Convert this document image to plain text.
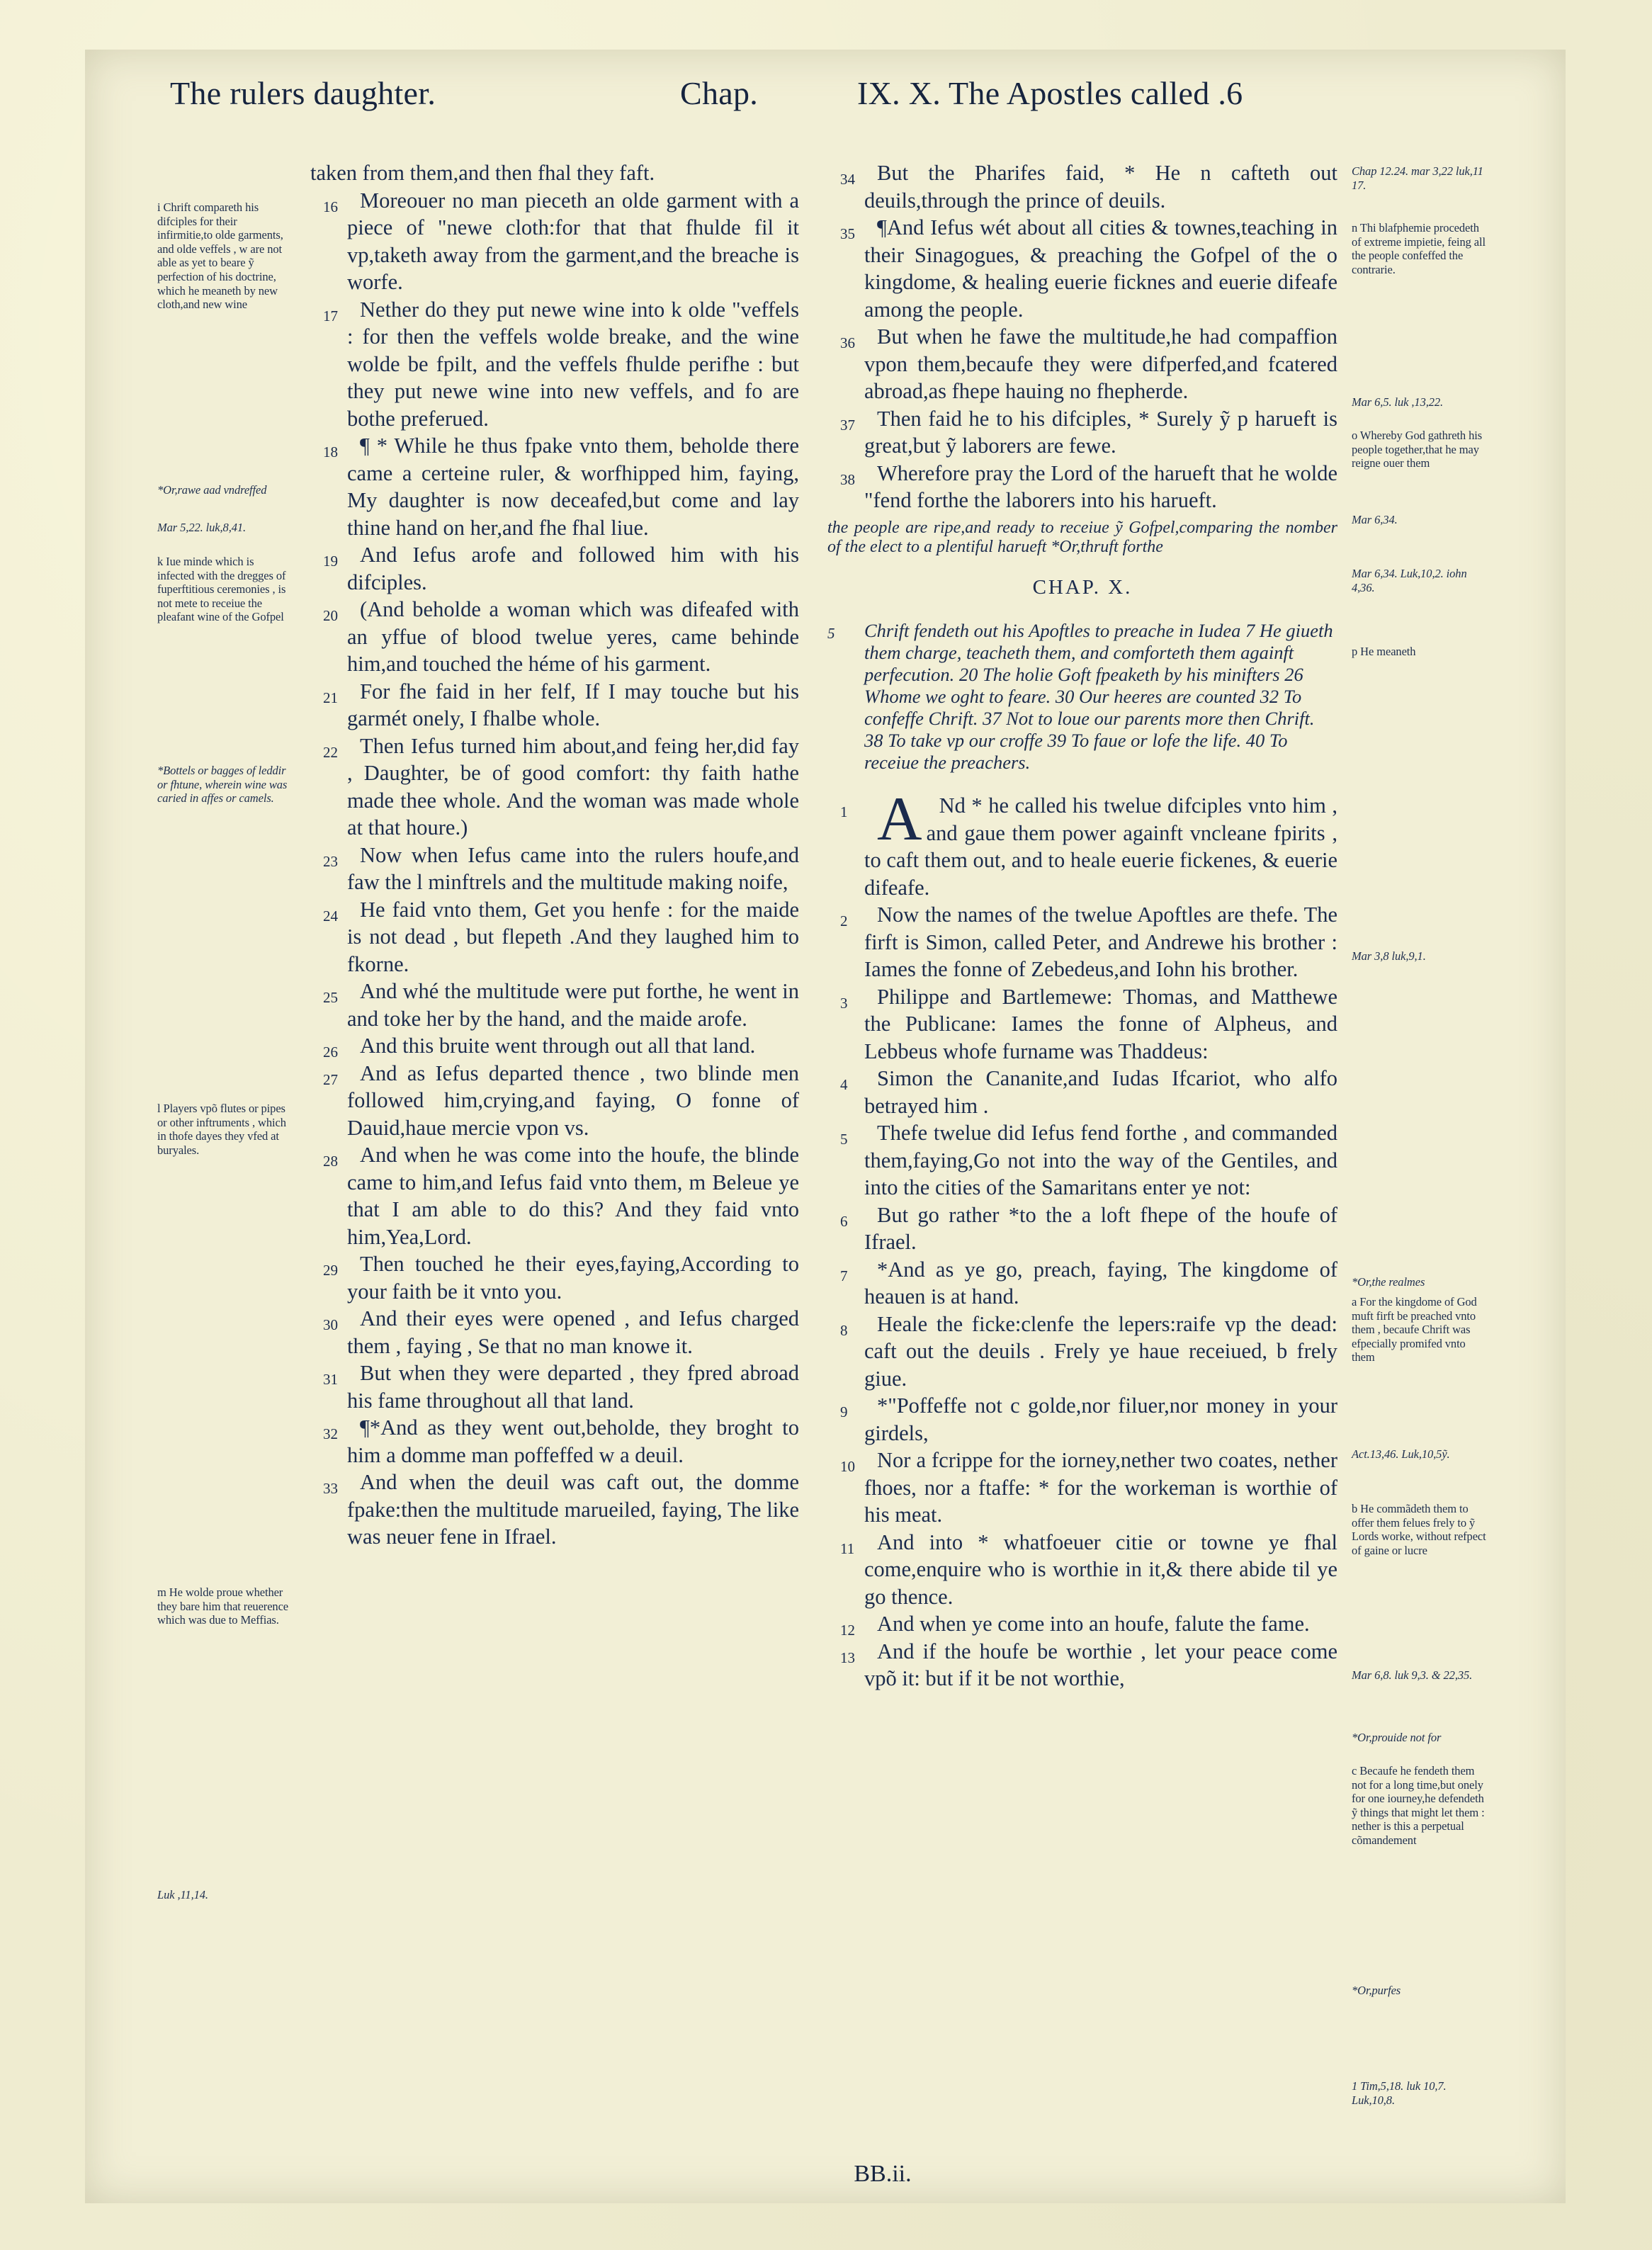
The rulers daughter.	Chap.	IX. X. The Apostles called .6
i Chrift compareth his difciples for their infirmitie,to olde garments, and olde veffels , w are not able as yet to beare ỹ perfection of his doctrine, which he meaneth by new cloth,and new wine
*Or,rawe aad vndreffed
Mar 5,22. luk,8,41.
k Iue minde which is infected with the dregges of fuperftitious ceremonies , is not mete to receiue the pleafant wine of the Gofpel
*Bottels or bagges of leddir or fhtune, wherein wine was caried in affes or camels.
l Players vpõ flutes or pipes or other inftruments , which in thofe dayes they vfed at buryales.
m He wolde proue whether they bare him that reuerence which was due to Meffias.
Luk ,11,14.

taken from them,and then fhal they faft.

16 Moreouer no man pieceth an olde garment with a piece of "newe cloth:for that that fhulde fil it vp,taketh away from the garment,and the breache is worfe.

17 Nether do they put newe wine into k olde "veffels : for then the veffels wolde breake, and the wine wolde be fpilt, and the veffels fhulde perifhe : but they put newe wine into new veffels, and fo are bothe preferued.

18 ¶ * While he thus fpake vnto them, beholde there came a certeine ruler, & worfhipped him, faying, My daughter is now deceafed,but come and lay thine hand on her,and fhe fhal liue.

19 And Iefus arofe and followed him with his difciples.

20 (And beholde a woman which was difeafed with an yffue of blood twelue yeres, came behinde him,and touched the héme of his garment.

21 For fhe faid in her felf, If I may touche but his garmét onely, I fhalbe whole.

22 Then Iefus turned him about,and feing her,did fay , Daughter, be of good comfort: thy faith hathe made thee whole. And the woman was made whole at that houre.)

23 Now when Iefus came into the rulers houfe,and faw the l minftrels and the multitude making noife,

24 He faid vnto them, Get you henfe : for the maide is not dead , but flepeth .And they laughed him to fkorne.

25 And whé the multitude were put forthe, he went in and toke her by the hand, and the maide arofe.

26 And this bruite went through out all that land.

27 And as Iefus departed thence , two blinde men followed him,crying,and faying, O fonne of Dauid,haue mercie vpon vs.

28 And when he was come into the houfe, the blinde came to him,and Iefus faid vnto them, m Beleue ye that I am able to do this? And they faid vnto him,Yea,Lord.

29 Then touched he their eyes,faying,According to your faith be it vnto you.

30 And their eyes were opened , and Iefus charged them , faying , Se that no man knowe it.

31 But when they were departed , they fpred abroad his fame throughout all that land.

32 ¶*And as they went out,beholde, they broght to him a domme man poffeffed w a deuil.

33 And when the deuil was caft out, the domme fpake:then the multitude marueiled, faying, The like was neuer fene in Ifrael.

34 But the Pharifes faid, * He n cafteth out deuils,through the prince of deuils.

35 ¶And Iefus wét about all cities & townes,teaching in their Sinagogues, & preaching the Gofpel of the o kingdome, & healing euerie ficknes and euerie difeafe among the people.

36 But when he fawe the multitude,he had compaffion vpon them,becaufe they were difperfed,and fcatered abroad,as fhepe hauing no fhepherde.

37 Then faid he to his difciples, * Surely ỹ p harueft is great,but ỹ laborers are fewe.

38 Wherefore pray the Lord of the harueft that he wolde "fend forthe the laborers into his harueft.

the people are ripe,and ready to receiue ỹ Gofpel,comparing the nomber of the elect to a plentiful harueft *Or,thruft forthe

CHAP. X.

5 Chrift fendeth out his Apoftles to preache in Iudea 7 He giueth them charge, teacheth them, and comforteth them againft perfecution. 20 The holie Goft fpeaketh by his minifters 26 Whome we oght to feare. 30 Our heeres are counted 32 To confeffe Chrift. 37 Not to loue our parents more then Chrift. 38 To take vp our croffe 39 To faue or lofe the life. 40 To receiue the preachers.

1 A Nd * he called his twelue difciples vnto him , and gaue them power againft vncleane fpirits , to caft them out, and to heale euerie fickenes, & euerie difeafe.

2 Now the names of the twelue Apoftles are thefe. The firft is Simon, called Peter, and Andrewe his brother : Iames the fonne of Zebedeus,and Iohn his brother.

3 Philippe and Bartlemewe: Thomas, and Matthewe the Publicane: Iames the fonne of Alpheus, and Lebbeus whofe furname was Thaddeus:

4 Simon the Cananite,and Iudas Ifcariot, who alfo betrayed him .

5 Thefe twelue did Iefus fend forthe , and commanded them,faying,Go not into the way of the Gentiles, and into the cities of the Samaritans enter ye not:

6 But go rather *to the a loft fhepe of the houfe of Ifrael.

7 *And as ye go, preach, faying, The kingdome of heauen is at hand.

8 Heale the ficke:clenfe the lepers:raife vp the dead: caft out the deuils . Frely ye haue receiued, b frely giue.

9 *"Poffeffe not c golde,nor filuer,nor money in your girdels,

10 Nor a fcrippe for the iorney,nether two coates, nether fhoes, nor a ftaffe: * for the workeman is worthie of his meat.

11 And into * whatfoeuer citie or towne ye fhal come,enquire who is worthie in it,& there abide til ye go thence.

12 And when ye come into an houfe, falute the fame.

13 And if the houfe be worthie , let your peace come vpõ it: but if it be not worthie,

Chap 12.24. mar 3,22 luk,11 17.
n Thi blafphemie procedeth of extreme impietie, feing all the people confeffed the contrarie.
Mar 6,5. luk ,13,22.
o Whereby God gathreth his people together,that he may reigne ouer them
Mar 6,34.
Mar 6,34. Luk,10,2. iohn 4,36.
p He meaneth
Mar 3,8 luk,9,1.
*Or,the realmes
a For the kingdome of God muft firft be preached vnto them , becaufe Chrift was efpecially promifed vnto them
Act.13,46. Luk,10,5ỹ.
b He commãdeth them to offer them felues frely to ỹ Lords worke, without refpect of gaine or lucre
Mar 6,8. luk 9,3. & 22,35.
*Or,prouide not for
c Becaufe he fendeth them not for a long time,but onely for one iourney,he defendeth ỹ things that might let them : nether is this a perpetual cõmandement
*Or,purfes
1 Tim,5,18. luk 10,7. Luk,10,8.
BB.ii.
